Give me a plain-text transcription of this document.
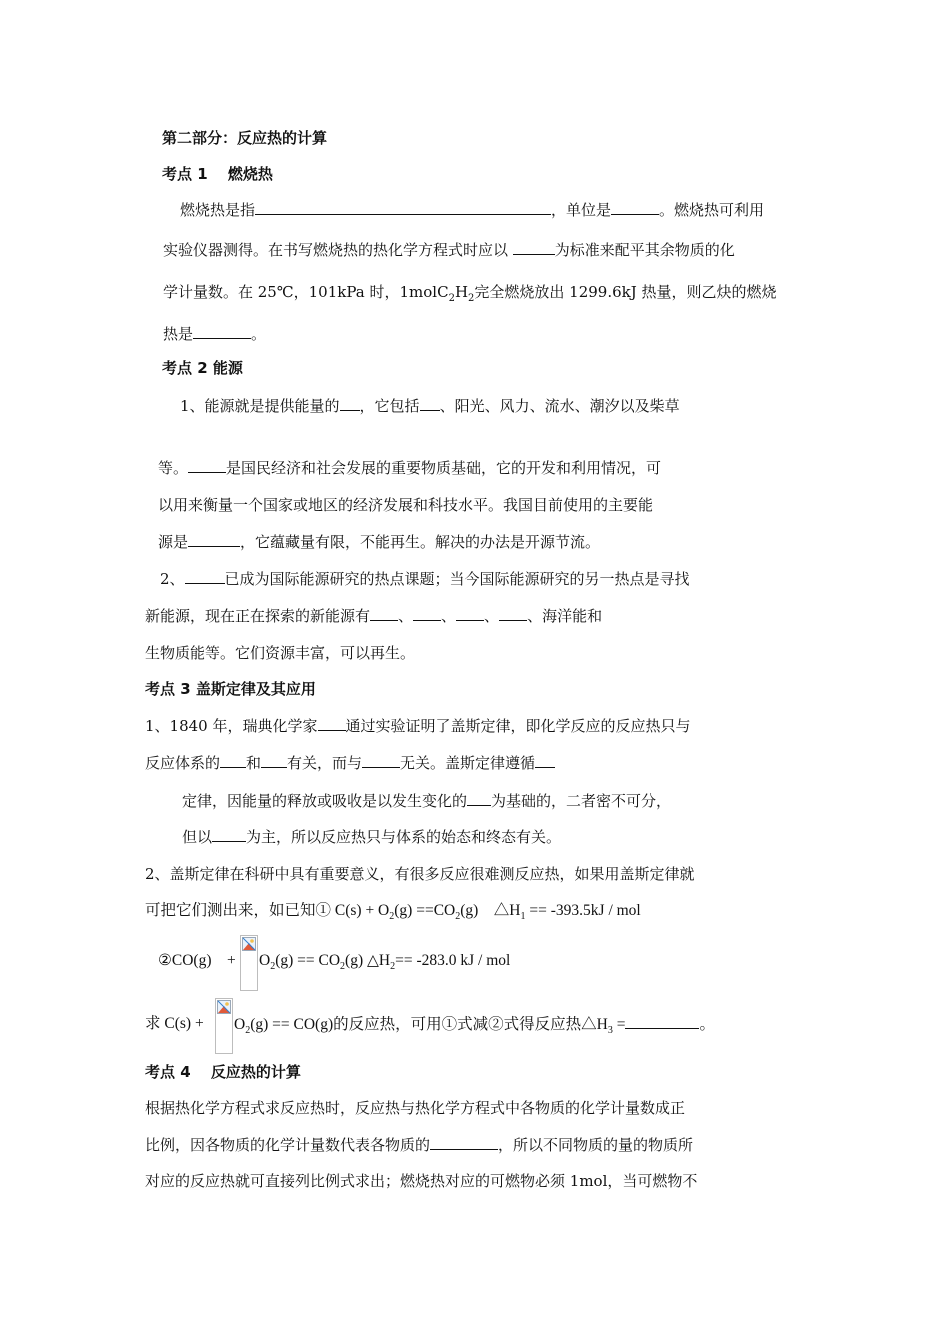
第二部分：反应热的计算
考点 1　 燃烧热
燃烧热是指	，单位是	。燃烧热可利用
实验仪器测得。在书写燃烧热的热化学方程式时应以	为标准来配平其余物质的化
学计量数。在 25℃，101kPa 时，$1molC_2H_2$完全燃烧放出 1299.6kJ 热量，则乙炔的燃烧
热是	。
考点 2 能源
1、能源就是提供能量的 ，它包括 、阳光、风力、流水、潮汐以及柴草
等。	是国民经济和社会发展的重要物质基础，它的开发和利用情况，可
以用来衡量一个国家或地区的经济发展和科技水平。我国目前使用的主要能
源是	，它蕴藏量有限，不能再生。解决的办法是开源节流。
2、	已成为国际能源研究的热点课题；当今国际能源研究的另一热点是寻找
新能源，现在正在探索的新能源有 、 、 、 、海洋能和
生物质能等。它们资源丰富，可以再生。
考点 3 盖斯定律及其应用
1、1840 年，瑞典化学家 通过实验证明了盖斯定律，即化学反应的反应热只与
反应体系的 和 有关，而与	无关。盖斯定律遵循
定律，因能量的释放或吸收是以发生变化的 为基础的，二者密不可分，
但以 为主，所以反应热只与体系的始态和终态有关。
2、盖斯定律在科研中具有重要意义，有很多反应很难测反应热，如果用盖斯定律就
可把它们测出来，如已知① $C(s) + O_2(g) ==CO_2(g)$　$\triangle H_1 == -393.5kJ$ / mol
②CO(g)　+ $O_2(g) == CO_2(g)$ $\triangle H_2== -283.0$ kJ / mol
求 $C(s) + O_2(g) == CO(g)$的反应热，可用①式减②式得反应热$\triangle H_3$ =	。
考点 4　 反应热的计算
根据热化学方程式求反应热时，反应热与热化学方程式中各物质的化学计量数成正
比例，因各物质的化学计量数代表各物质的	，所以不同物质的量的物质所
对应的反应热就可直接列比例式求出；燃烧热对应的可燃物必须 1mol，当可燃物不
